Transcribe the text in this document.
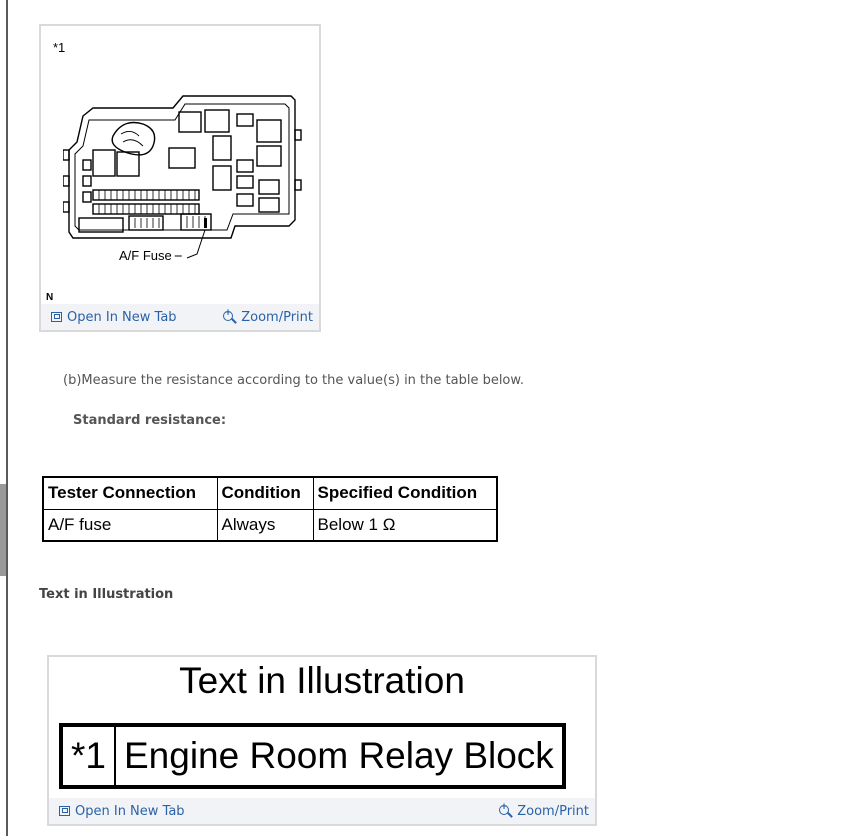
*1
A/F Fuse
N
Open In New Tab +	Zoom/Print
(b)Measure the resistance according to the value(s) in the table below.
Standard resistance:
Tester Connection	Condition	Specified Condition
A/F fuse	Always	Below 1 Ω
Text in Illustration
Text in Illustration
*1	Engine Room Relay Block
Open In New Tab +	Zoom/Print
